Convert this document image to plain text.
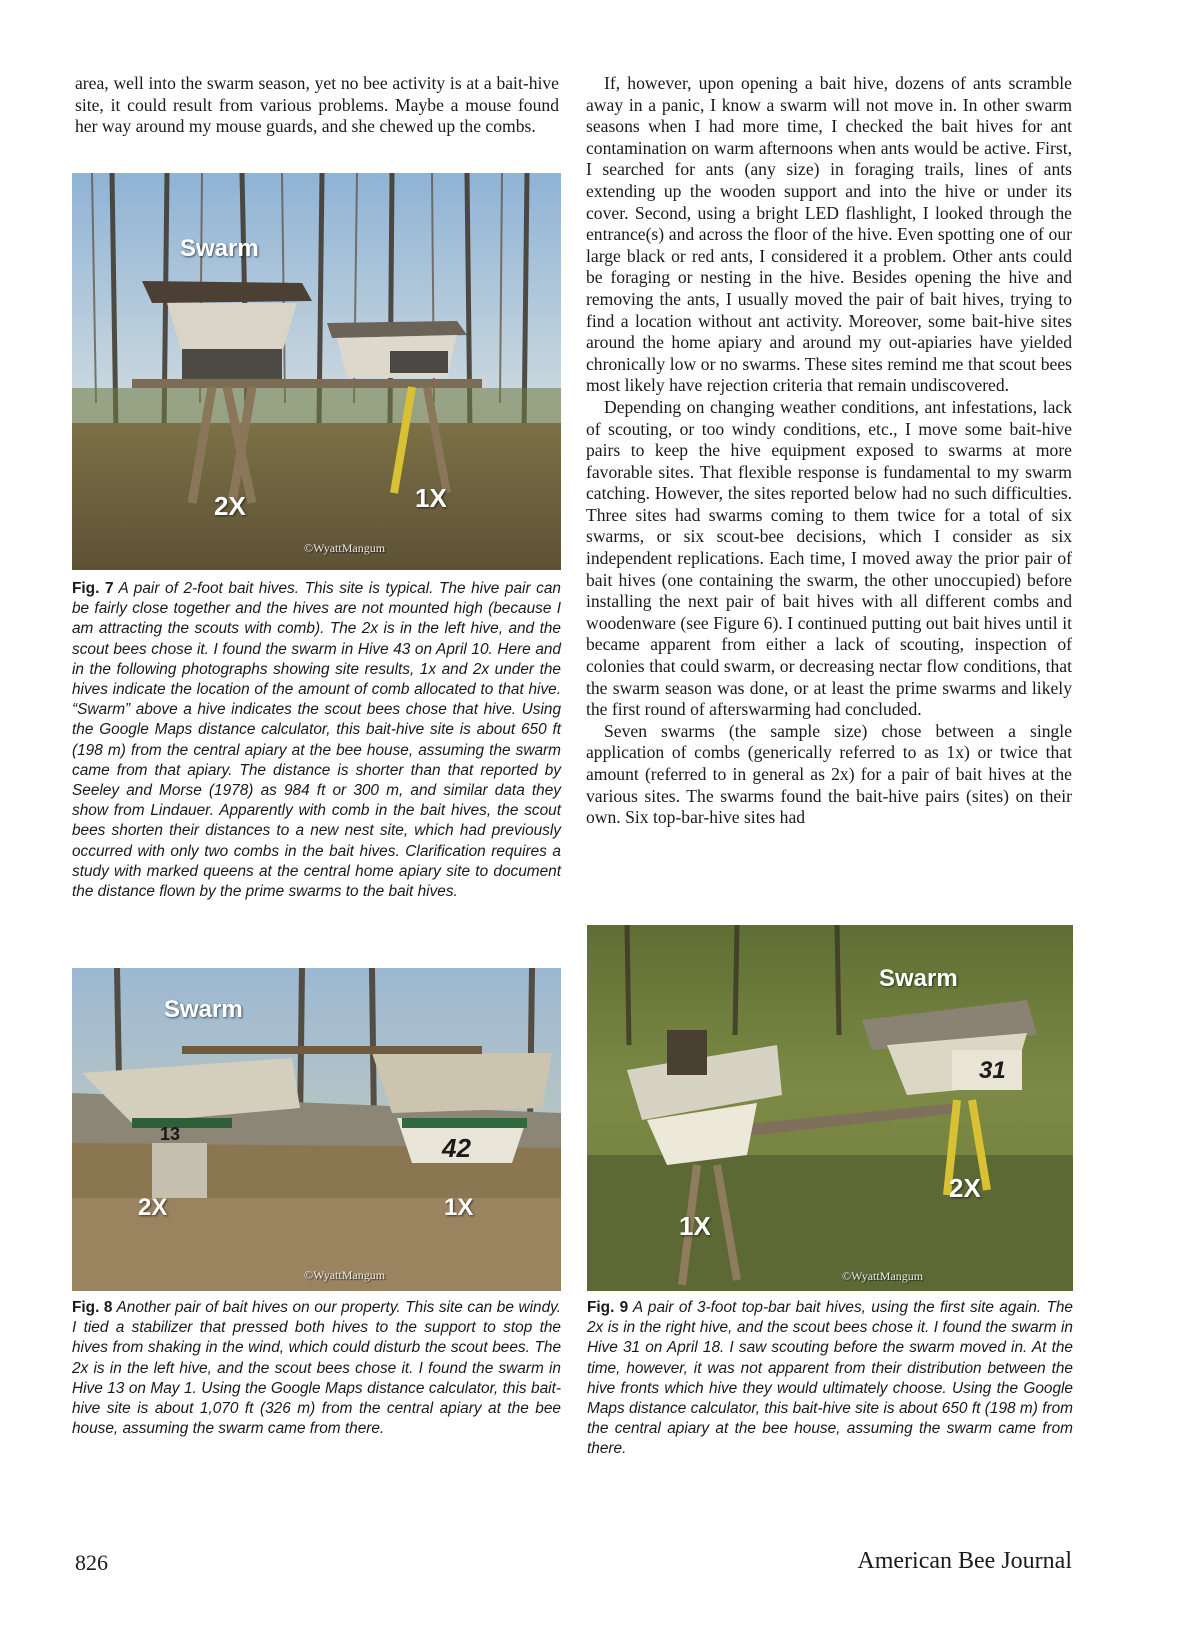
area, well into the swarm season, yet no bee activity is at a bait-hive site, it could result from various problems. Maybe a mouse found her way around my mouse guards, and she chewed up the combs.

Swarm
2X	1X
©WyattMangum

Fig. 7 A pair of 2-foot bait hives. This site is typical. The hive pair can be fairly close together and the hives are not mounted high (because I am attracting the scouts with comb). The 2x is in the left hive, and the scout bees chose it. I found the swarm in Hive 43 on April 10. Here and in the following photographs showing site results, 1x and 2x under the hives indicate the location of the amount of comb allocated to that hive. “Swarm” above a hive indicates the scout bees chose that hive. Using the Google Maps distance calculator, this bait-hive site is about 650 ft (198 m) from the central apiary at the bee house, assuming the swarm came from that apiary. The distance is shorter than that reported by Seeley and Morse (1978) as 984 ft or 300 m, and similar data they show from Lindauer. Apparently with comb in the bait hives, the scout bees shorten their distances to a new nest site, which had previously occurred with only two combs in the bait hives. Clarification requires a study with marked queens at the central home apiary site to document the distance flown by the prime swarms to the bait hives.

If, however, upon opening a bait hive, dozens of ants scramble away in a panic, I know a swarm will not move in. In other swarm seasons when I had more time, I checked the bait hives for ant contamination on warm afternoons when ants would be active. First, I searched for ants (any size) in foraging trails, lines of ants extending up the wooden support and into the hive or under its cover. Second, using a bright LED flashlight, I looked through the entrance(s) and across the floor of the hive. Even spotting one of our large black or red ants, I considered it a problem. Other ants could be foraging or nesting in the hive. Besides opening the hive and removing the ants, I usually moved the pair of bait hives, trying to find a location without ant activity. Moreover, some bait-hive sites around the home apiary and around my out-apiaries have yielded chronically low or no swarms. These sites remind me that scout bees most likely have rejection criteria that remain undiscovered.

Depending on changing weather conditions, ant infestations, lack of scouting, or too windy conditions, etc., I move some bait-hive pairs to keep the hive equipment exposed to swarms at more favorable sites. That flexible response is fundamental to my swarm catching. However, the sites reported below had no such difficulties. Three sites had swarms coming to them twice for a total of six swarms, or six scout-bee decisions, which I consider as six independent replications. Each time, I moved away the prior pair of bait hives (one containing the swarm, the other unoccupied) before installing the next pair of bait hives with all different combs and woodenware (see Figure 6). I continued putting out bait hives until it became apparent from either a lack of scouting, inspection of colonies that could swarm, or decreasing nectar flow conditions, that the swarm season was done, or at least the prime swarms and likely the first round of afterswarming had concluded.

Seven swarms (the sample size) chose between a single application of combs (generically referred to as 1x) or twice that amount (referred to in general as 2x) for a pair of bait hives at the various sites. The swarms found the bait-hive pairs (sites) on their own. Six top-bar-hive sites had

Swarm
13	42
2X	1X
©WyattMangum

Fig. 8 Another pair of bait hives on our property. This site can be windy. I tied a stabilizer that pressed both hives to the support to stop the hives from shaking in the wind, which could disturb the scout bees. The 2x is in the left hive, and the scout bees chose it. I found the swarm in Hive 13 on May 1. Using the Google Maps distance calculator, this bait-hive site is about 1,070 ft (326 m) from the central apiary at the bee house, assuming the swarm came from there.

Swarm
31
2X
1X
©WyattMangum

Fig. 9 A pair of 3-foot top-bar bait hives, using the first site again. The 2x is in the right hive, and the scout bees chose it. I found the swarm in Hive 31 on April 18. I saw scouting before the swarm moved in. At the time, however, it was not apparent from their distribution between the hive fronts which hive they would ultimately choose. Using the Google Maps distance calculator, this bait-hive site is about 650 ft (198 m) from the central apiary at the bee house, assuming the swarm came from there.

826	American Bee Journal
